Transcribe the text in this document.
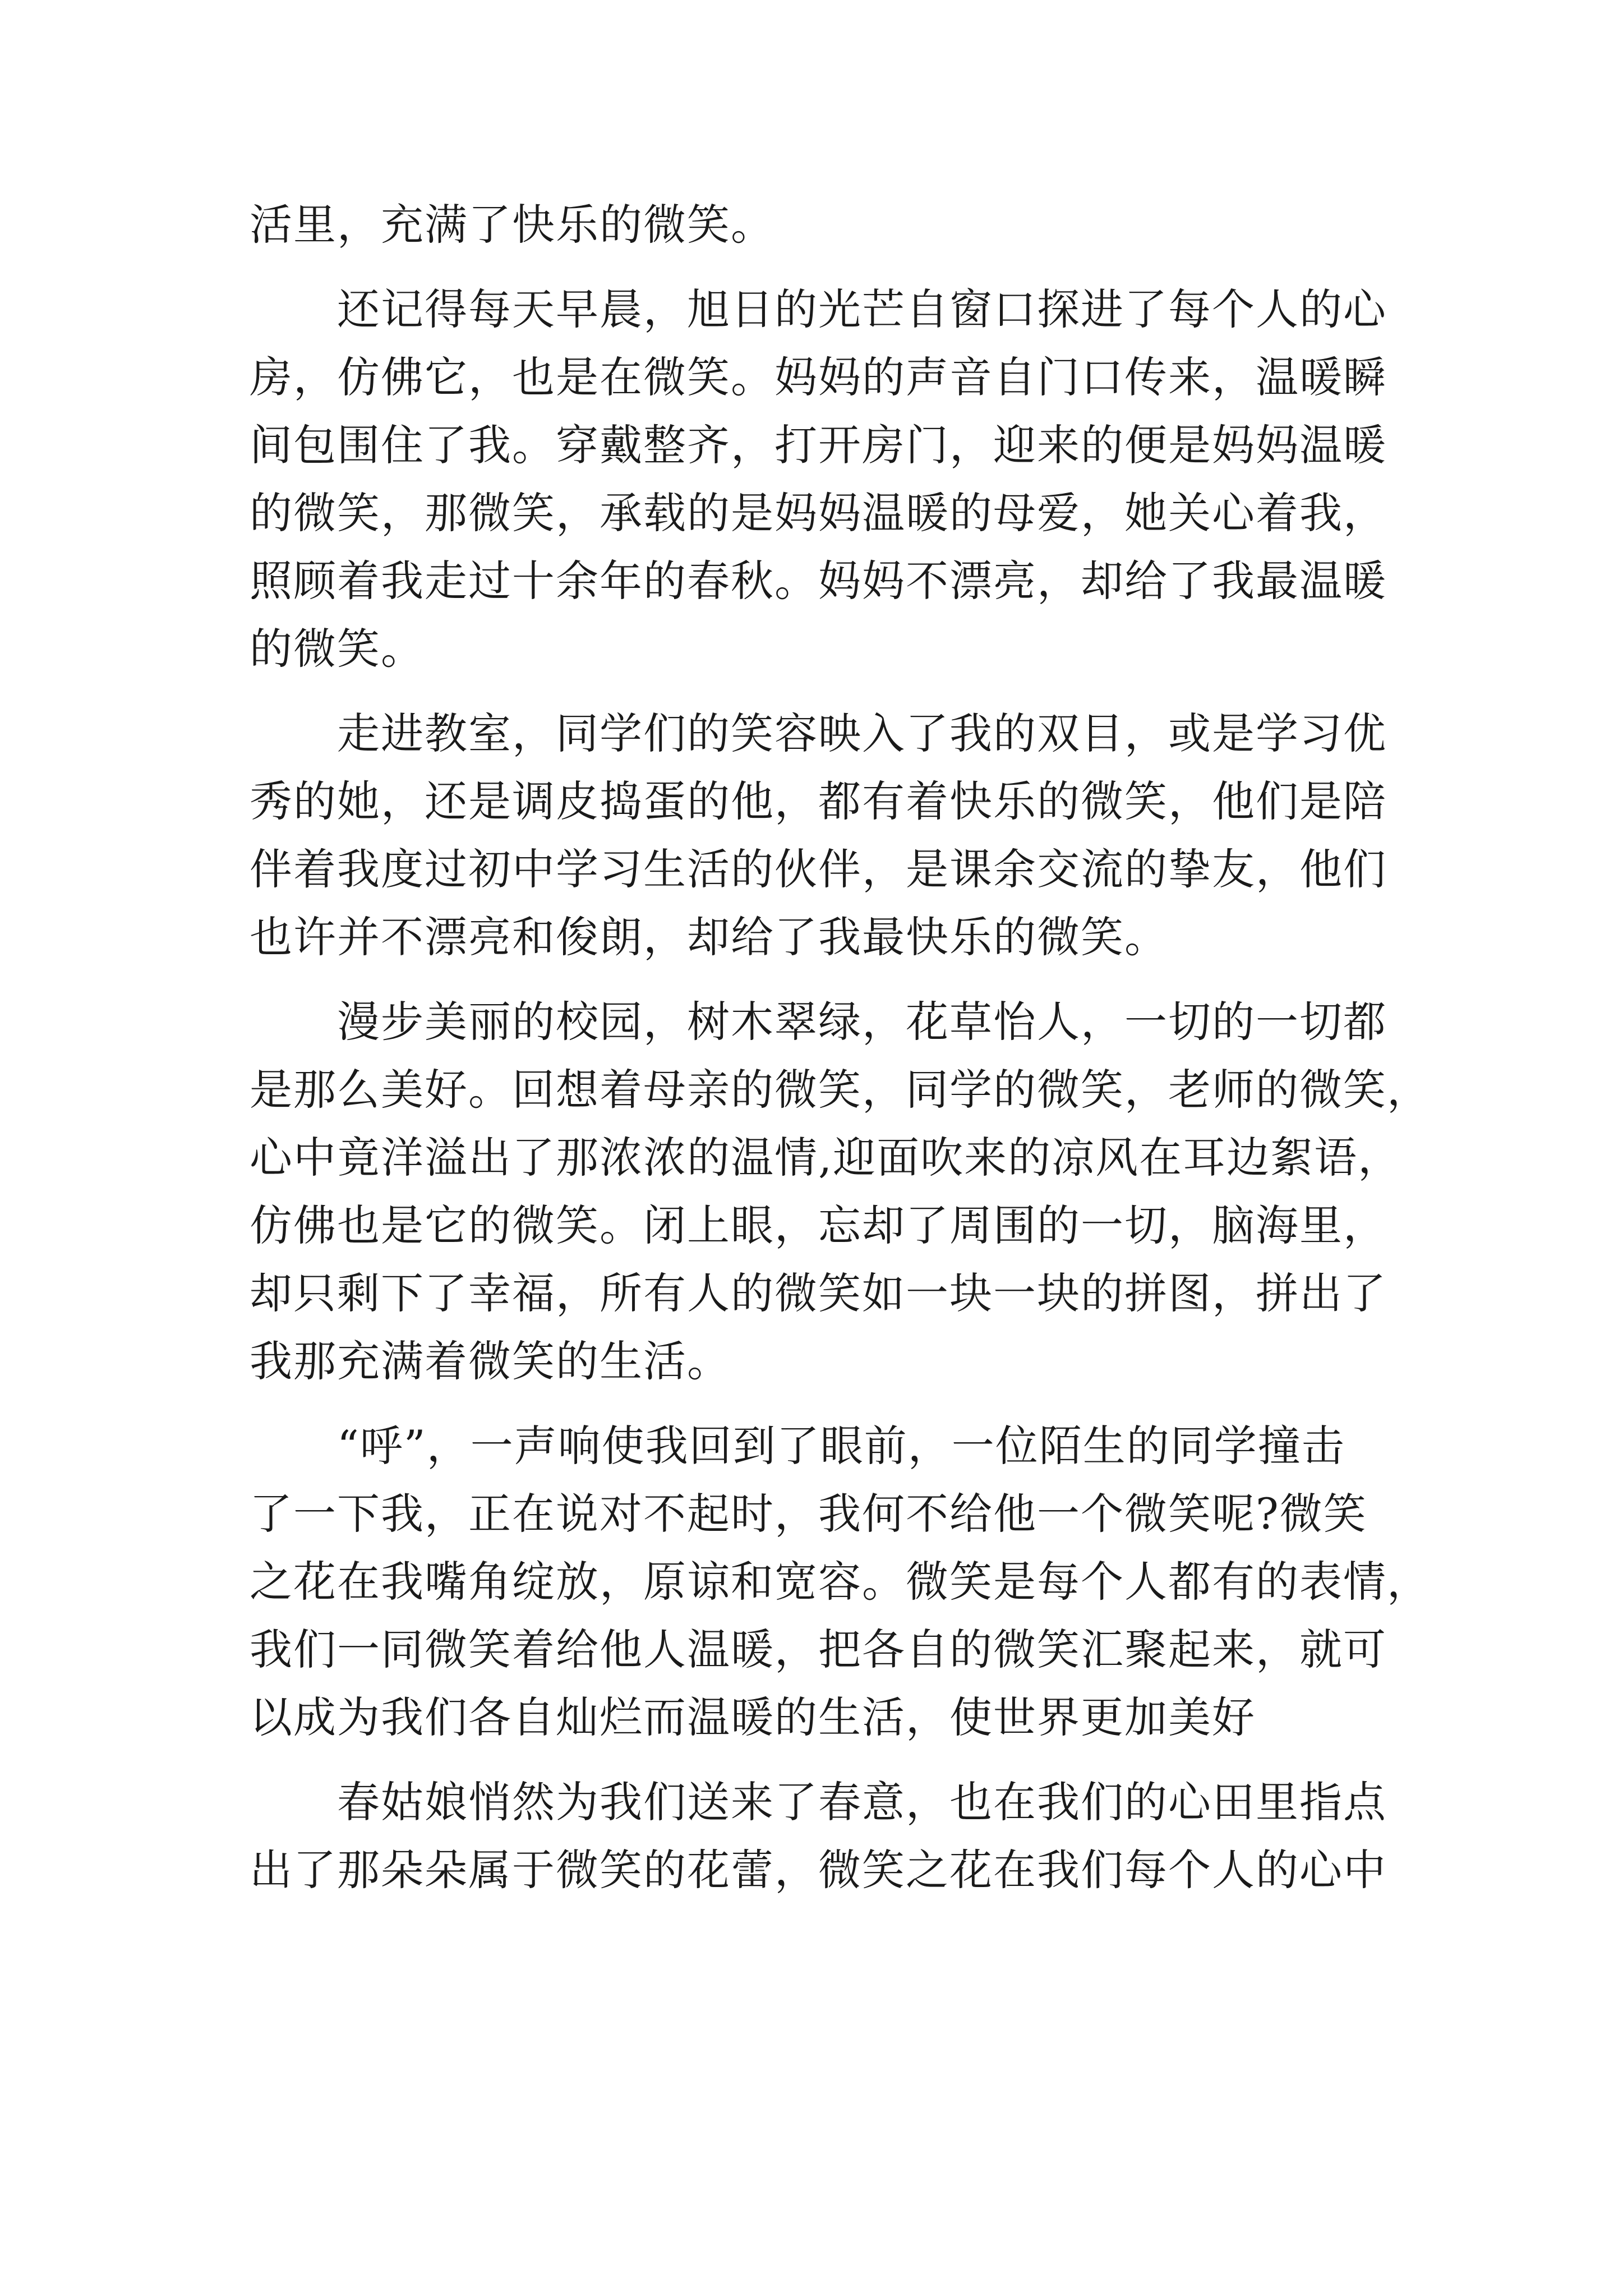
活里，充满了快乐的微笑。
　　还记得每天早晨，旭日的光芒自窗口探进了每个人的心
房，仿佛它，也是在微笑。妈妈的声音自门口传来，温暖瞬
间包围住了我。穿戴整齐，打开房门，迎来的便是妈妈温暖
的微笑，那微笑，承载的是妈妈温暖的母爱，她关心着我，
照顾着我走过十余年的春秋。妈妈不漂亮，却给了我最温暖
的微笑。
　　走进教室，同学们的笑容映入了我的双目，或是学习优
秀的她，还是调皮捣蛋的他，都有着快乐的微笑，他们是陪
伴着我度过初中学习生活的伙伴，是课余交流的挚友，他们
也许并不漂亮和俊朗，却给了我最快乐的微笑。
　　漫步美丽的校园，树木翠绿，花草怡人，一切的一切都
是那么美好。回想着母亲的微笑，同学的微笑，老师的微笑，
心中竟洋溢出了那浓浓的温情,迎面吹来的凉风在耳边絮语，
仿佛也是它的微笑。闭上眼，忘却了周围的一切，脑海里，
却只剩下了幸福，所有人的微笑如一块一块的拼图，拼出了
我那充满着微笑的生活。
　　“呼”，一声响使我回到了眼前，一位陌生的同学撞击
了一下我，正在说对不起时，我何不给他一个微笑呢?微笑
之花在我嘴角绽放，原谅和宽容。微笑是每个人都有的表情，
我们一同微笑着给他人温暖，把各自的微笑汇聚起来，就可
以成为我们各自灿烂而温暖的生活，使世界更加美好
　　春姑娘悄然为我们送来了春意，也在我们的心田里指点
出了那朵朵属于微笑的花蕾，微笑之花在我们每个人的心中
